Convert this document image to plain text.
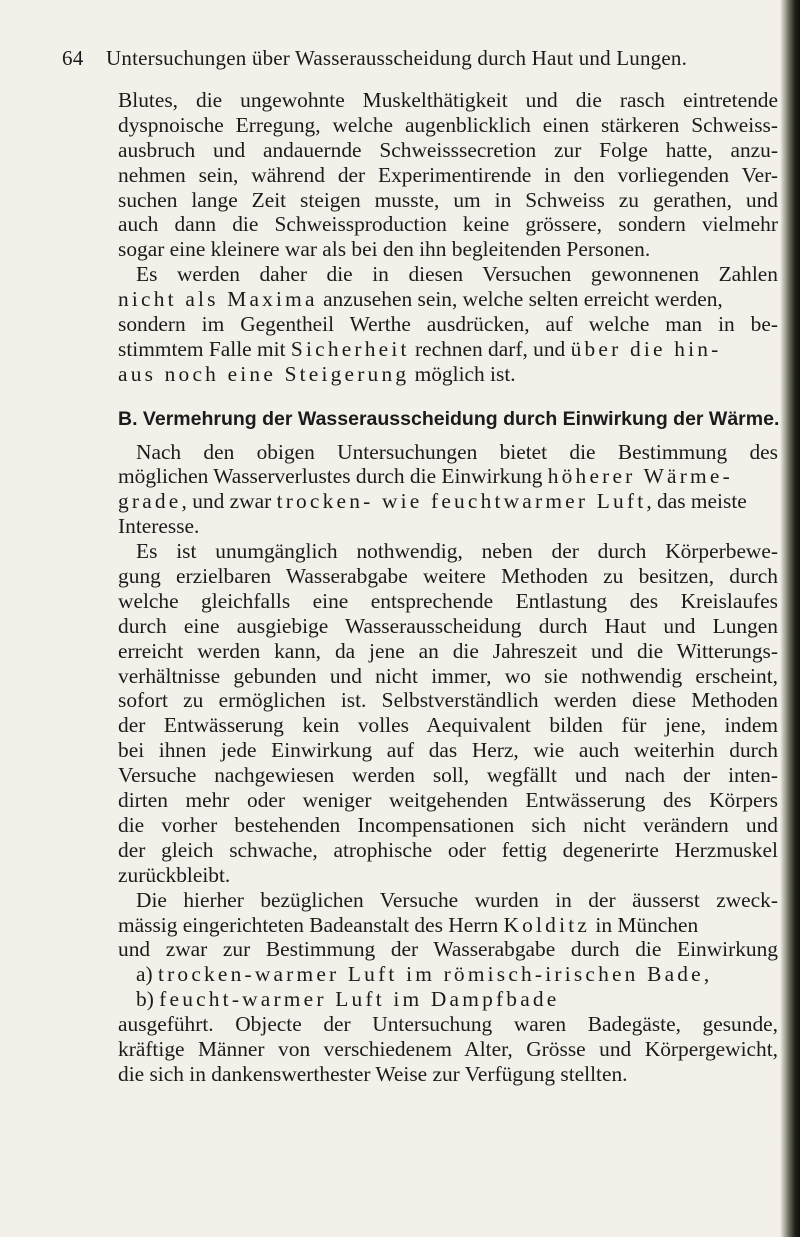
64 Untersuchungen über Wasserausscheidung durch Haut und Lungen.
Blutes, die ungewohnte Muskelthätigkeit und die rasch eintretende
dyspnoische Erregung, welche augenblicklich einen stärkeren Schweiss-
ausbruch und andauernde Schweisssecretion zur Folge hatte, anzu-
nehmen sein, während der Experimentirende in den vorliegenden Ver-
suchen lange Zeit steigen musste, um in Schweiss zu gerathen, und
auch dann die Schweissproduction keine grössere, sondern vielmehr
sogar eine kleinere war als bei den ihn begleitenden Personen.
Es werden daher die in diesen Versuchen gewonnenen Zahlen
nicht als Maxima anzusehen sein, welche selten erreicht werden,
sondern im Gegentheil Werthe ausdrücken, auf welche man in be-
stimmtem Falle mit Sicherheit rechnen darf, und über die hin-
aus noch eine Steigerung möglich ist.
B. Vermehrung der Wasserausscheidung durch Einwirkung der Wärme.
Nach den obigen Untersuchungen bietet die Bestimmung des
möglichen Wasserverlustes durch die Einwirkung höherer Wärme-
grade, und zwar trocken- wie feuchtwarmer Luft, das meiste
Interesse.
Es ist unumgänglich nothwendig, neben der durch Körperbewe-
gung erzielbaren Wasserabgabe weitere Methoden zu besitzen, durch
welche gleichfalls eine entsprechende Entlastung des Kreislaufes
durch eine ausgiebige Wasserausscheidung durch Haut und Lungen
erreicht werden kann, da jene an die Jahreszeit und die Witterungs-
verhältnisse gebunden und nicht immer, wo sie nothwendig erscheint,
sofort zu ermöglichen ist. Selbstverständlich werden diese Methoden
der Entwässerung kein volles Aequivalent bilden für jene, indem
bei ihnen jede Einwirkung auf das Herz, wie auch weiterhin durch
Versuche nachgewiesen werden soll, wegfällt und nach der inten-
dirten mehr oder weniger weitgehenden Entwässerung des Körpers
die vorher bestehenden Incompensationen sich nicht verändern und
der gleich schwache, atrophische oder fettig degenerirte Herzmuskel
zurückbleibt.
Die hierher bezüglichen Versuche wurden in der äusserst zweck-
mässig eingerichteten Badeanstalt des Herrn Kolditz in München
und zwar zur Bestimmung der Wasserabgabe durch die Einwirkung
a) trocken-warmer Luft im römisch-irischen Bade,
b) feucht-warmer Luft im Dampfbade
ausgeführt. Objecte der Untersuchung waren Badegäste, gesunde,
kräftige Männer von verschiedenem Alter, Grösse und Körpergewicht,
die sich in dankenswerthester Weise zur Verfügung stellten.
